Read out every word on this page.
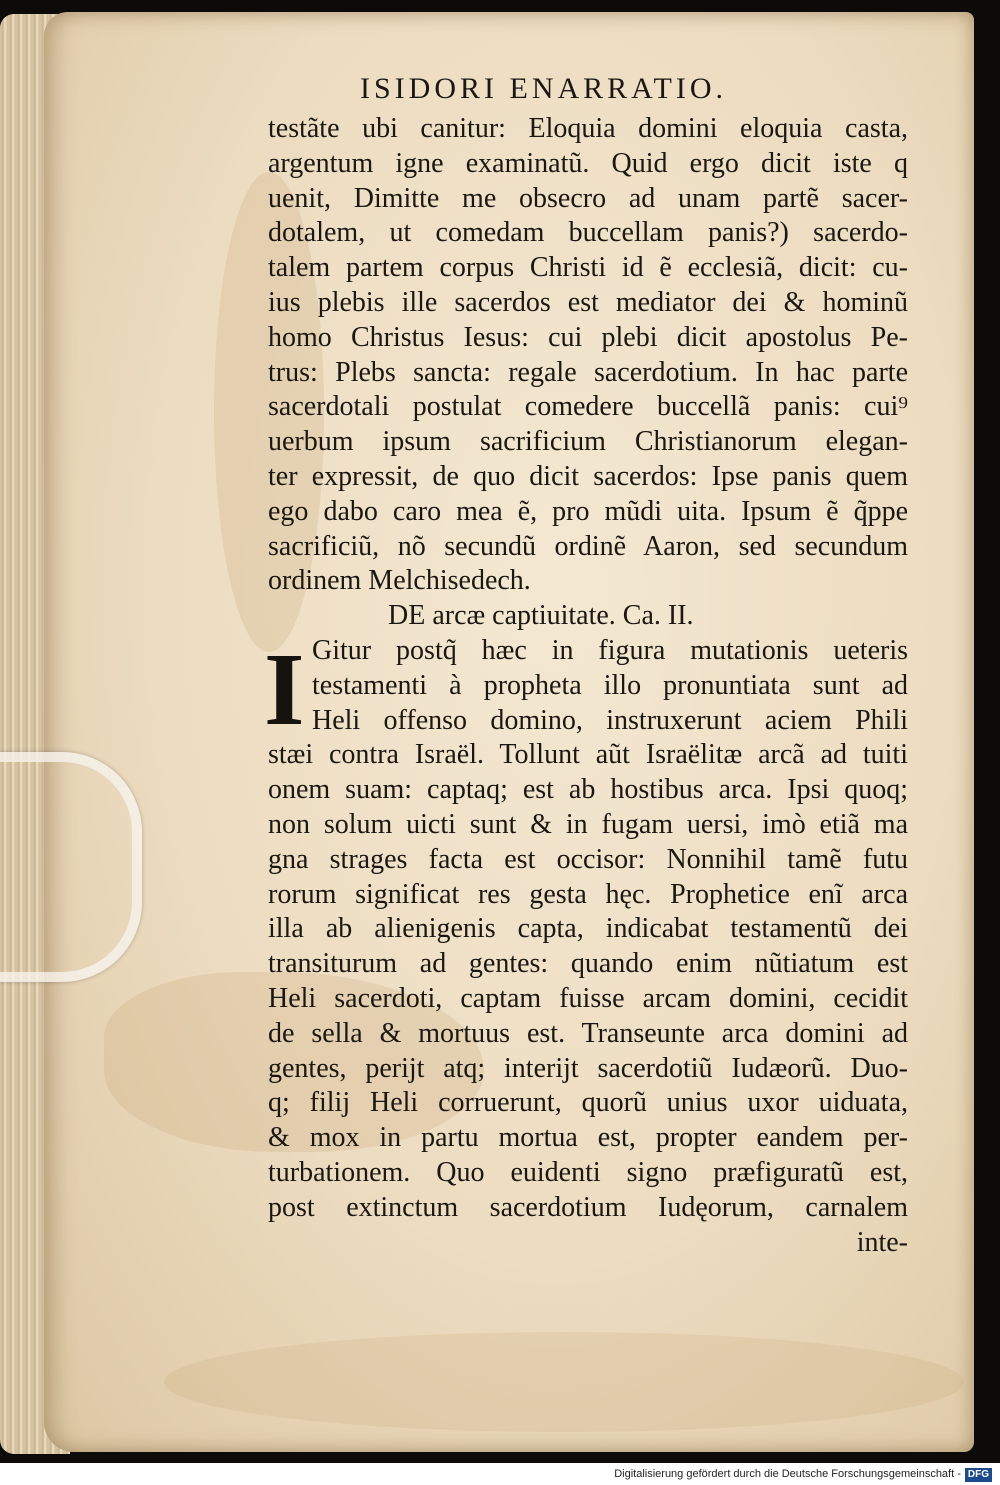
ISIDORI ENARRATIO.
testãte ubi canitur: Eloquia domini eloquia casta,
argentum igne examinatũ. Quid ergo dicit iste q
uenit, Dimitte me obsecro ad unam partẽ sacer-
dotalem, ut comedam buccellam panis?) sacerdo-
talem partem corpus Christi id ẽ ecclesiã, dicit: cu-
ius plebis ille sacerdos est mediator dei & hominũ
homo Christus Iesus: cui plebi dicit apostolus Pe-
trus: Plebs sancta: regale sacerdotium. In hac parte
sacerdotali postulat comedere buccellã panis: cui⁹
uerbum ipsum sacrificium Christianorum elegan-
ter expressit, de quo dicit sacerdos: Ipse panis quem
ego dabo caro mea ẽ, pro mũdi uita. Ipsum ẽ q̃ppe
sacrificiũ, nõ secundũ ordinẽ Aaron, sed secundum
ordinem Melchisedech.
DE arcæ captiuitate. Ca. II.
I Gitur postq̃ hæc in figura mutationis ueteris
testamenti à propheta illo pronuntiata sunt ad
Heli offenso domino, instruxerunt aciem Phili
stæi contra Israël. Tollunt aũt Israëlitæ arcã ad tuiti
onem suam: captaq; est ab hostibus arca. Ipsi quoq;
non solum uicti sunt & in fugam uersi, imò etiã ma
gna strages facta est occisor: Nonnihil tamẽ futu
rorum significat res gesta hęc. Prophetice enĩ arca
illa ab alienigenis capta, indicabat testamentũ dei
transiturum ad gentes: quando enim nũtiatum est
Heli sacerdoti, captam fuisse arcam domini, cecidit
de sella & mortuus est. Transeunte arca domini ad
gentes, perijt atq; interijt sacerdotiũ Iudæorũ. Duo-
q; filij Heli corruerunt, quorũ unius uxor uiduata,
& mox in partu mortua est, propter eandem per-
turbationem. Quo euidenti signo præfiguratũ est,
post extinctum sacerdotium Iudęorum, carnalem
inte-
Digitalisierung gefördert durch die Deutsche Forschungsgemeinschaft - DFG
